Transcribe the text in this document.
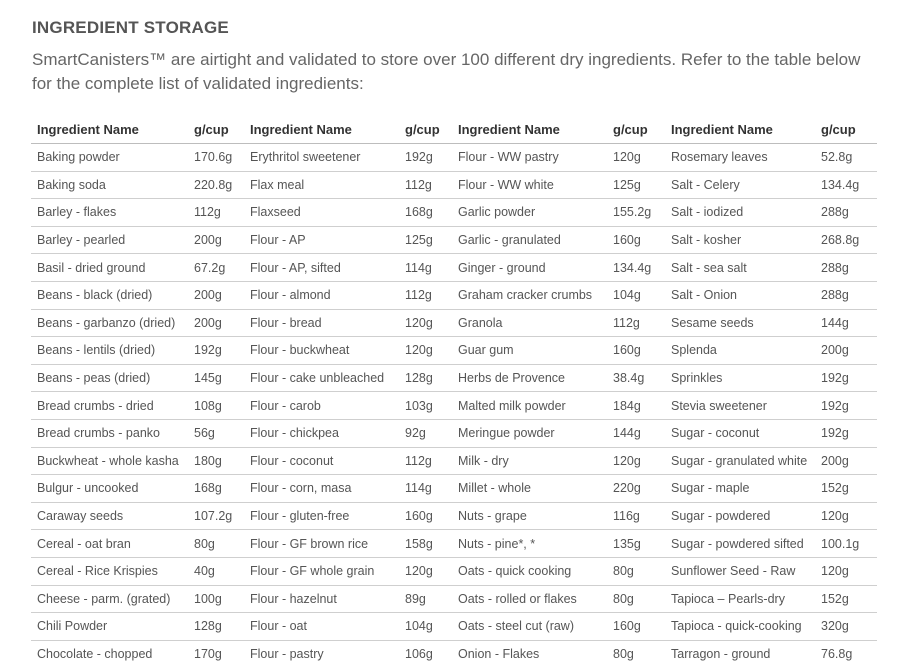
INGREDIENT STORAGE
SmartCanisters™ are airtight and validated to store over 100 different dry ingredients. Refer to the table below for the complete list of validated ingredients:
Ingredient Name	g/cup	Ingredient Name	g/cup	Ingredient Name	g/cup	Ingredient Name	g/cup
Baking powder	170.6g	Erythritol sweetener	192g	Flour - WW pastry	120g	Rosemary leaves	52.8g
Baking soda	220.8g	Flax meal	112g	Flour - WW white	125g	Salt - Celery	134.4g
Barley - flakes	112g	Flaxseed	168g	Garlic powder	155.2g	Salt - iodized	288g
Barley - pearled	200g	Flour - AP	125g	Garlic - granulated	160g	Salt - kosher	268.8g
Basil - dried ground	67.2g	Flour - AP, sifted	114g	Ginger - ground	134.4g	Salt - sea salt	288g
Beans - black (dried)	200g	Flour - almond	112g	Graham cracker crumbs	104g	Salt - Onion	288g
Beans - garbanzo (dried)	200g	Flour - bread	120g	Granola	112g	Sesame seeds	144g
Beans - lentils (dried)	192g	Flour - buckwheat	120g	Guar gum	160g	Splenda	200g
Beans - peas (dried)	145g	Flour - cake unbleached	128g	Herbs de Provence	38.4g	Sprinkles	192g
Bread crumbs - dried	108g	Flour - carob	103g	Malted milk powder	184g	Stevia sweetener	192g
Bread crumbs - panko	56g	Flour - chickpea	92g	Meringue powder	144g	Sugar - coconut	192g
Buckwheat - whole kasha	180g	Flour - coconut	112g	Milk - dry	120g	Sugar - granulated white	200g
Bulgur - uncooked	168g	Flour - corn, masa	114g	Millet - whole	220g	Sugar - maple	152g
Caraway seeds	107.2g	Flour - gluten-free	160g	Nuts - grape	116g	Sugar - powdered	120g
Cereal - oat bran	80g	Flour - GF brown rice	158g	Nuts - pine*, *	135g	Sugar - powdered sifted	100.1g
Cereal - Rice Krispies	40g	Flour - GF whole grain	120g	Oats - quick cooking	80g	Sunflower Seed - Raw	120g
Cheese - parm. (grated)	100g	Flour - hazelnut	89g	Oats - rolled or flakes	80g	Tapioca – Pearls-dry	152g
Chili Powder	128g	Flour - oat	104g	Oats - steel cut (raw)	160g	Tapioca - quick-cooking	320g
Chocolate - chopped	170g	Flour - pastry	106g	Onion - Flakes	80g	Tarragon - ground	76.8g
